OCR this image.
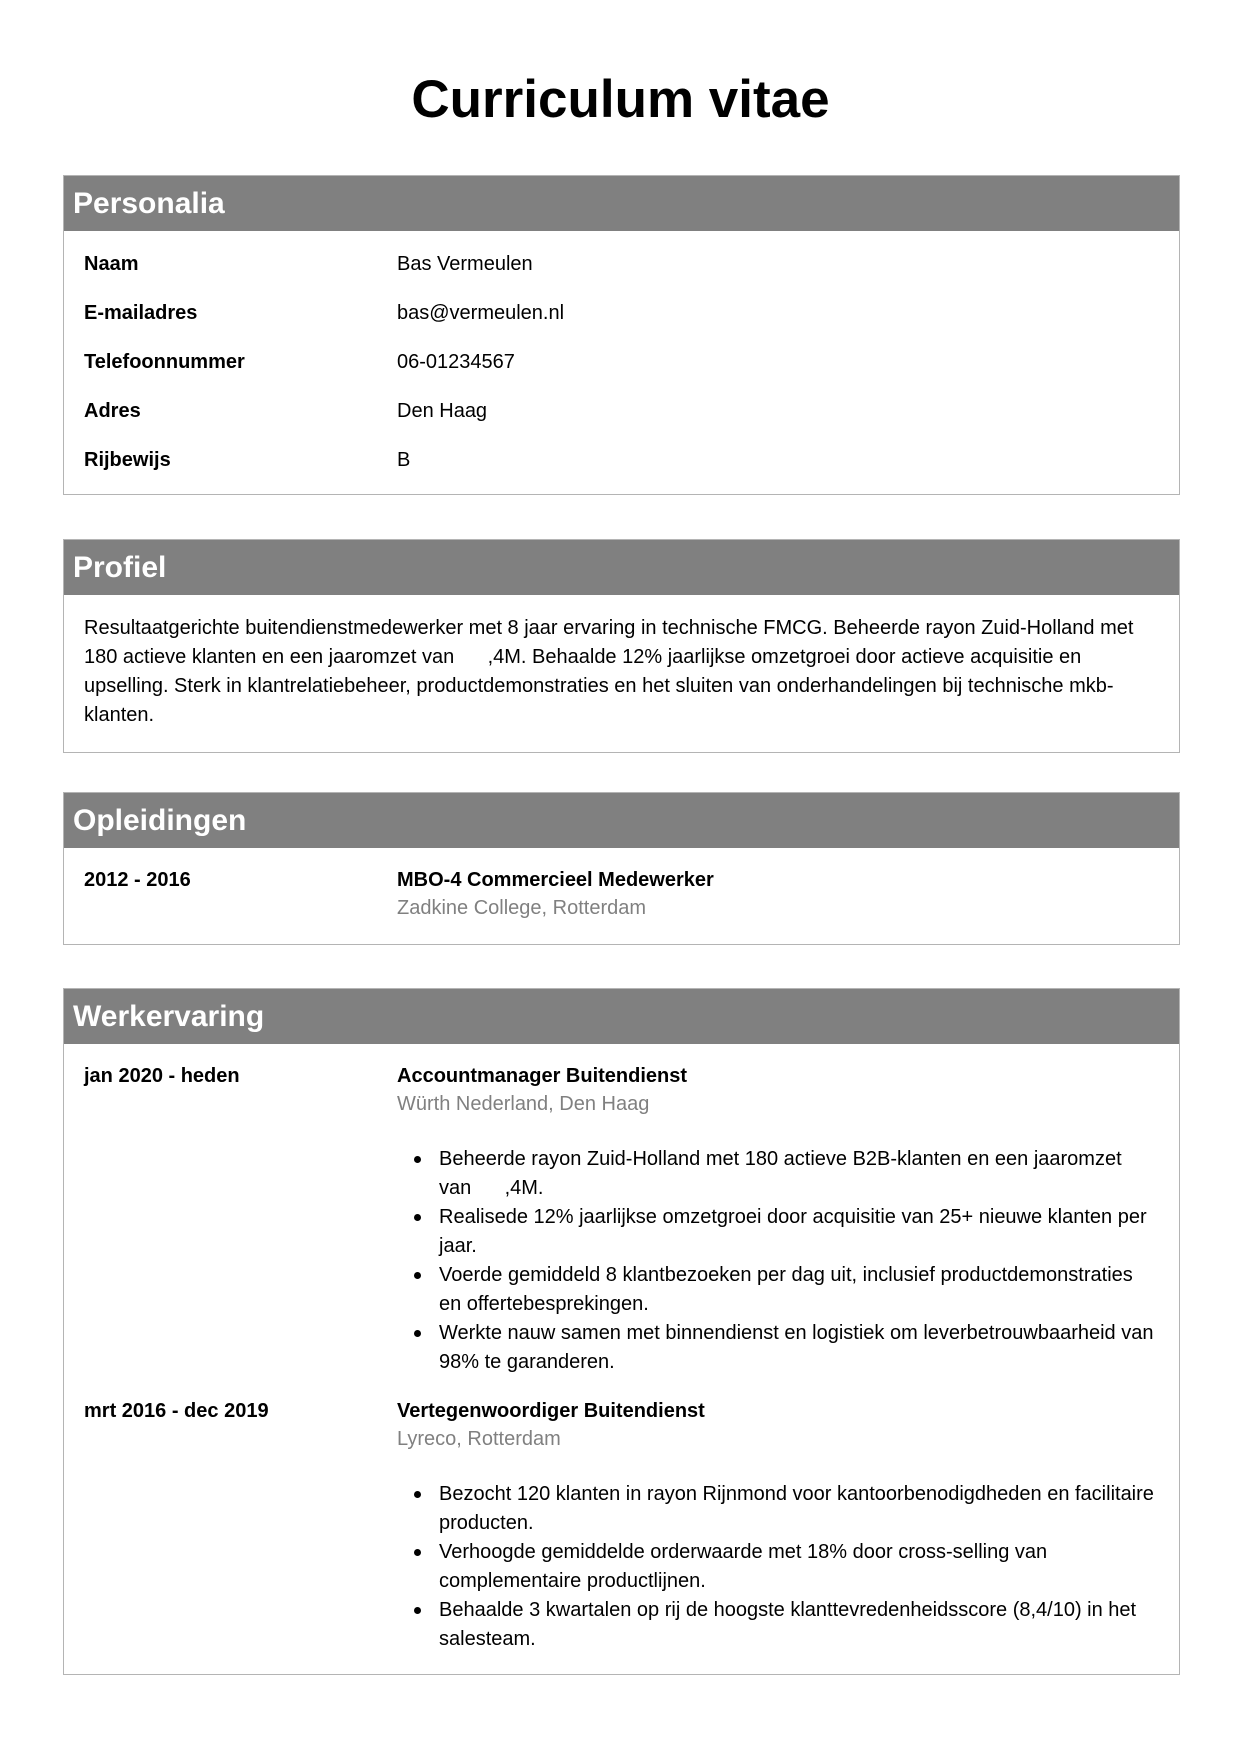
Curriculum vitae
Personalia
Naam	Bas Vermeulen
E-mailadres	bas@vermeulen.nl
Telefoonnummer	06-01234567
Adres	Den Haag
Rijbewijs	B
Profiel

Resultaatgerichte buitendienstmedewerker met 8 jaar ervaring in technische FMCG. Beheerde rayon Zuid-Holland met 180 actieve klanten en een jaaromzet van      ,4M. Behaalde 12% jaarlijkse omzetgroei door actieve acquisitie en upselling. Sterk in klantrelatiebeheer, productdemonstraties en het sluiten van onderhandelingen bij technische mkb-klanten.

Opleidingen
2012 - 2016	MBO-4 Commercieel Medewerker
Zadkine College, Rotterdam
Werkervaring
jan 2020 - heden	Accountmanager Buitendienst
Würth Nederland, Den Haag
Beheerde rayon Zuid-Holland met 180 actieve B2B-klanten en een jaaromzet van      ,4M.
Realisede 12% jaarlijkse omzetgroei door acquisitie van 25+ nieuwe klanten per jaar.
Voerde gemiddeld 8 klantbezoeken per dag uit, inclusief productdemonstraties en offertebesprekingen.
Werkte nauw samen met binnendienst en logistiek om leverbetrouwbaarheid van 98% te garanderen.
mrt 2016 - dec 2019	Vertegenwoordiger Buitendienst
Lyreco, Rotterdam
Bezocht 120 klanten in rayon Rijnmond voor kantoorbenodigdheden en facilitaire producten.
Verhoogde gemiddelde orderwaarde met 18% door cross-selling van complementaire productlijnen.
Behaalde 3 kwartalen op rij de hoogste klanttevredenheidsscore (8,4/10) in het salesteam.
